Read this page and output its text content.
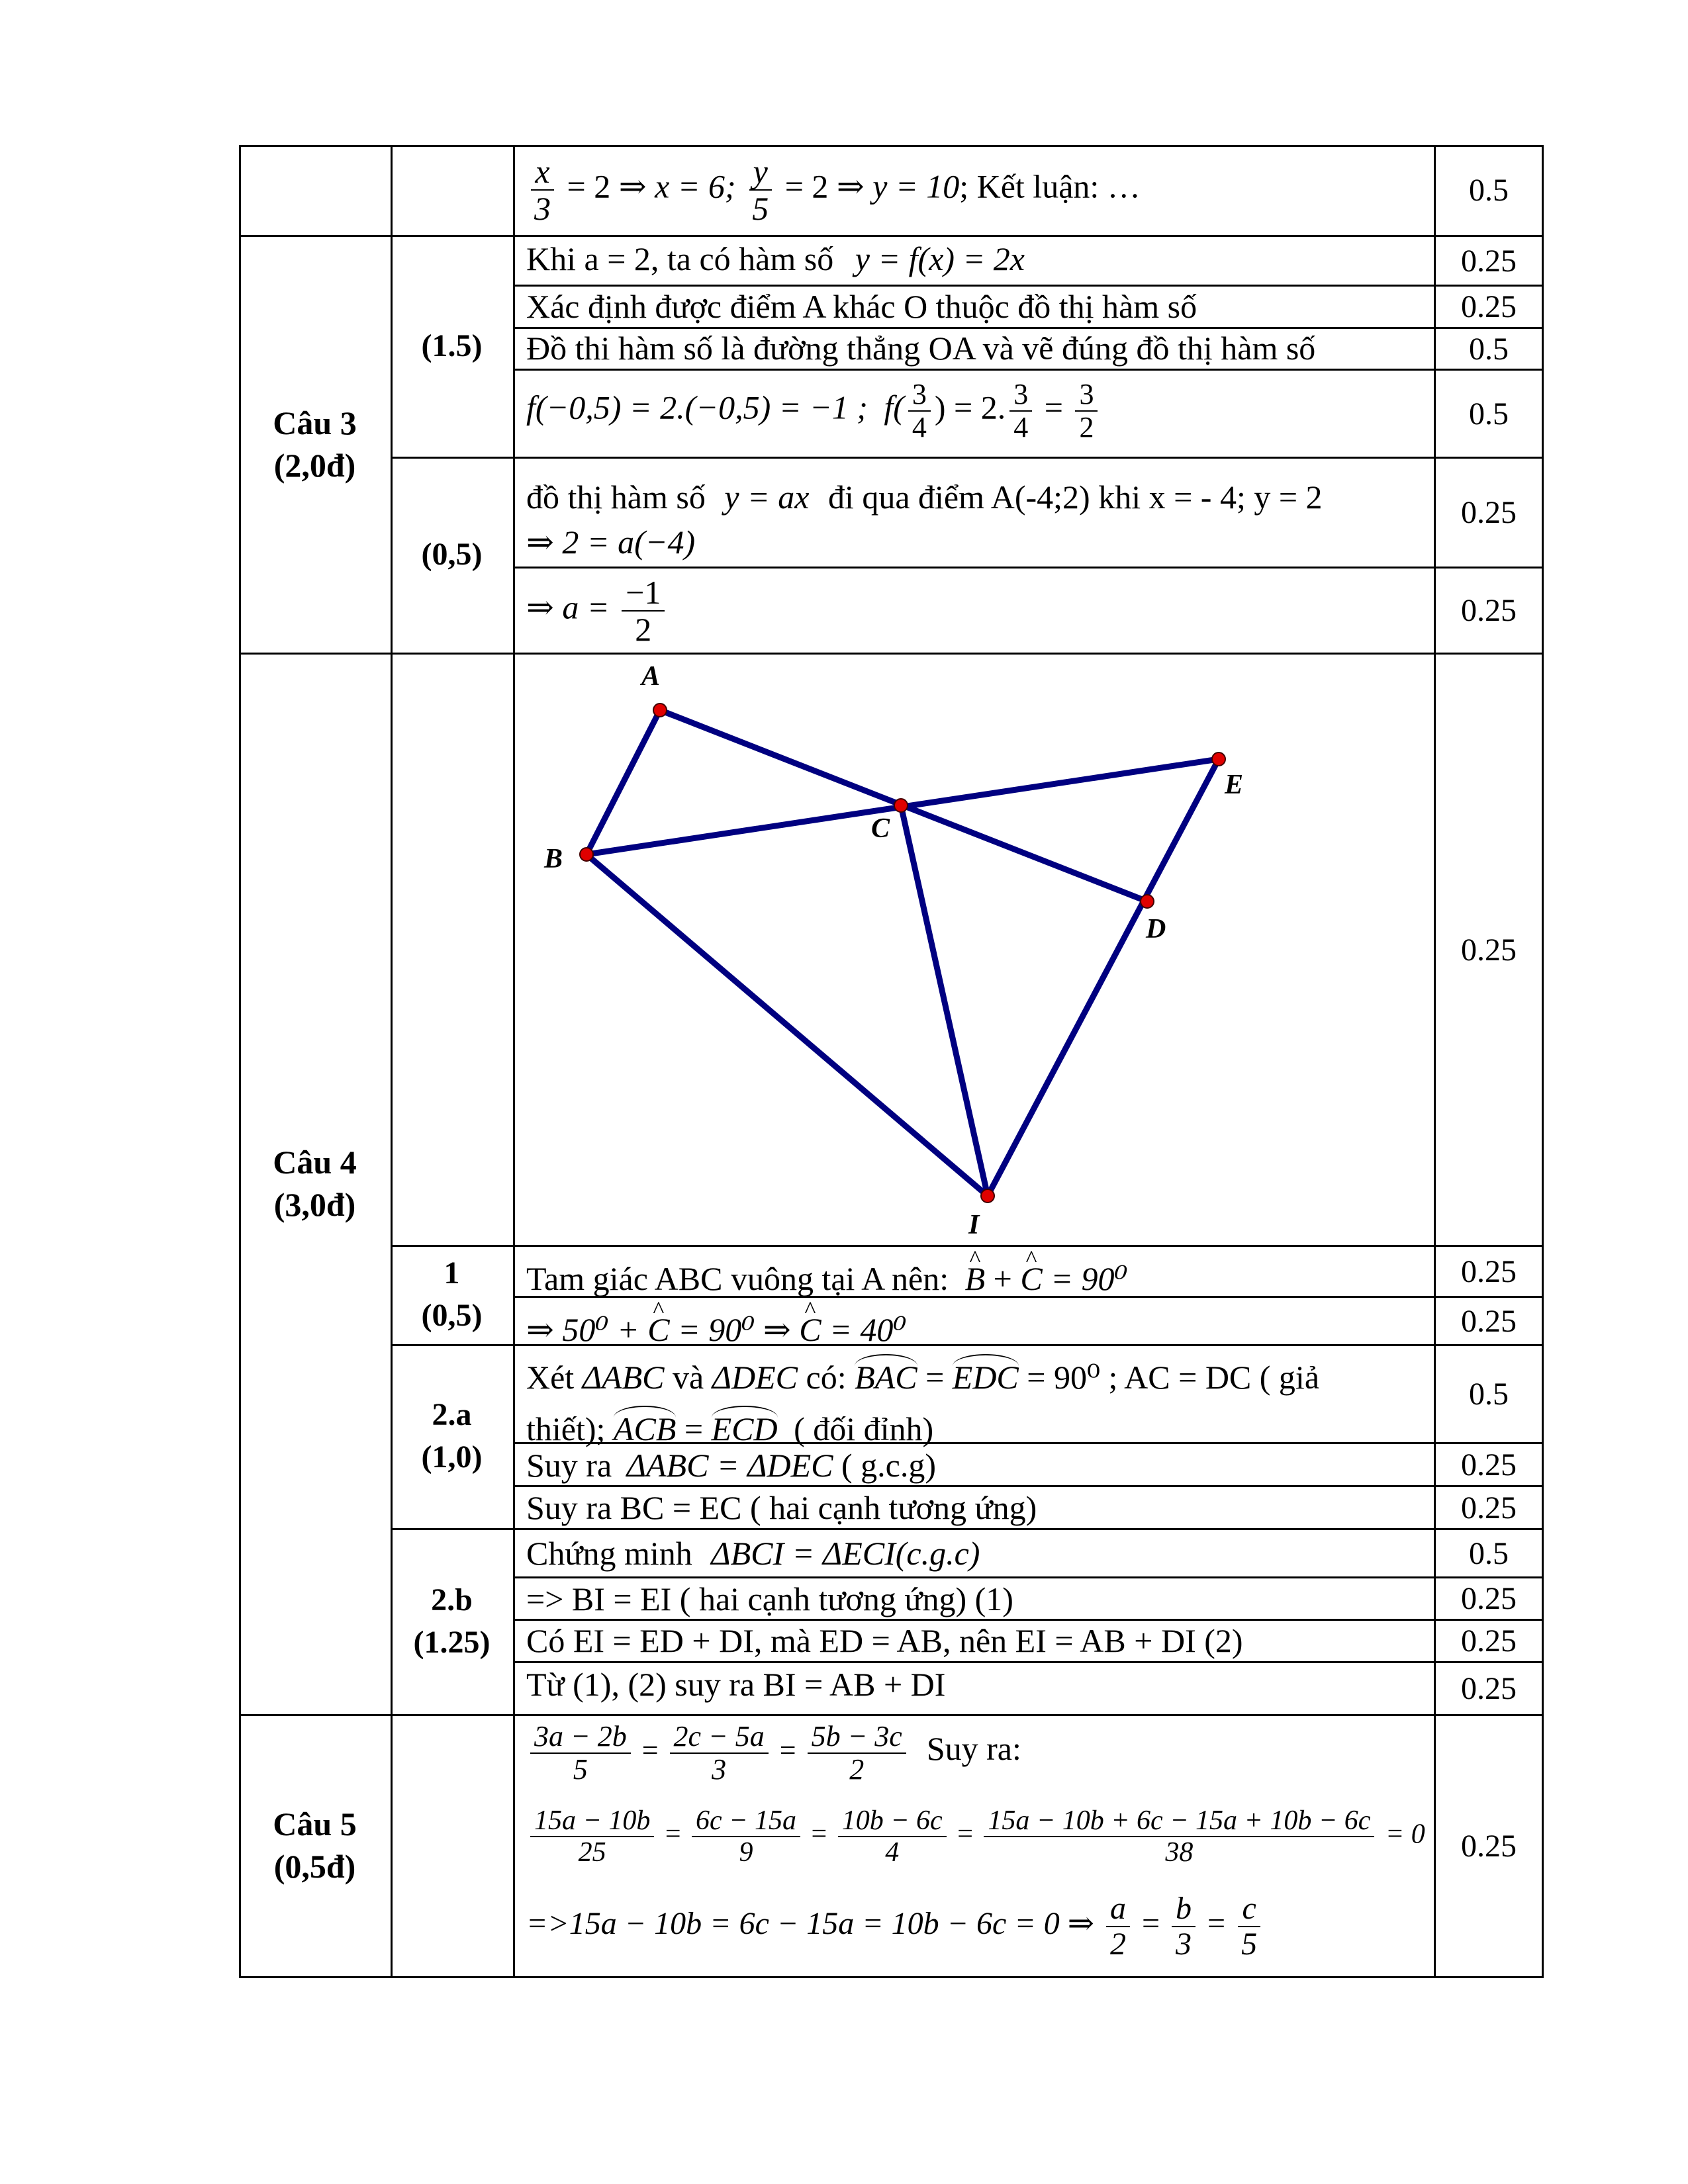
Câu 3
(2,0đ)
Câu 4
(3,0đ)
Câu 5
(0,5đ)
(1.5)
(0,5)
1
(0,5)
2.a
(1,0)
2.b
(1.25)
0.5
0.25
0.25
0.5
0.5
0.25
0.25
0.25
0.25
0.25
0.5
0.25
0.25
0.5
0.25
0.25
0.25
0.25
$\frac{x}{3} = 2$ ⇒ x = 6; $\frac{y}{5} = 2$ ⇒ y = 10; Kết luận: …
Khi a = 2, ta có hàm số y = f(x) = 2x
Xác định được điểm A khác O thuộc đồ thị hàm số
Đồ thi hàm số là đường thẳng OA và vẽ đúng đồ thị hàm số
f(−0,5) = 2.(−0,5) = −1 ; $f( \frac{3}{4}$ ) = 2. $\frac{3}{4} = \frac{3}{2}$
đồ thị hàm số y = ax đi qua điểm A(-4;2) khi x = - 4; y = 2
⇒ 2 = a(−4)
⇒ $a = \frac{-1}{2}$
A
B
C
D
E
I
Tam giác ABC vuông tại A nên: ^ B + ^ C = 90⁰
⇒ 50⁰ + ^ C = 90⁰ ⇒ ^ C = 40⁰
Xét ΔABC và ΔDEC có: BAC = EDC = 90⁰ ; AC = DC ( giả
thiết); ACB = ECD ( đối đỉnh)
Suy ra ΔABC = ΔDEC ( g.c.g)
Suy ra BC = EC ( hai cạnh tương ứng)
Chứng minh ΔBCI = ΔECI(c.g.c)
=> BI = EI ( hai cạnh tương ứng) (1)
Có EI = ED + DI, mà ED = AB, nên EI = AB + DI (2)
Từ (1), (2) suy ra BI = AB + DI
$\frac{3a - 2b}{5} = \frac{2c - 5a}{3} = \frac{5b - 3c}{2}$ Suy ra:
$\frac{15a - 10b}{25} = \frac{6c - 15a}{9} = \frac{10b - 6c}{4} = \frac{15a - 10b + 6c - 15a + 10b - 6c}{38} = 0$
=>15a − 10b = 6c − 15a = 10b − 6c = 0 ⇒ $\frac{a}{2} = \frac{b}{3} = \frac{c}{5}$
